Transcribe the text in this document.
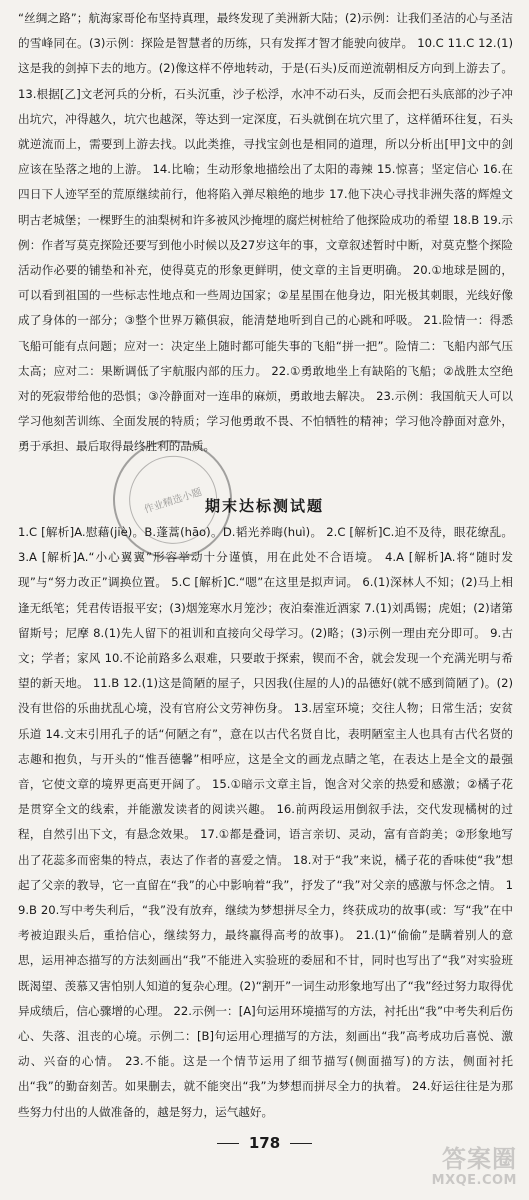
“丝绸之路”；航海家哥伦布坚持真理，最终发现了美洲新大陆；(2)示例：让我们圣洁的心与圣洁的雪峰同在。(3)示例：探险是智慧者的历练，只有发挥才智才能驶向彼岸。 10.C 11.C 12.(1)这是我的剑掉下去的地方。(2)像这样不停地转动，于是(石头)反而逆流朝相反方向到上游去了。 13.根据[乙]文老河兵的分析，石头沉重，沙子松浮，水冲不动石头，反而会把石头底部的沙子冲出坑穴，冲得越久，坑穴也越深，等达到一定深度，石头就倒在坑穴里了，这样循环往复，石头就逆流而上，需要到上游去找。以此类推，寻找宝剑也是相同的道理，所以分析出[甲]文中的剑应该在坠落之地的上游。 14.比喻；生动形象地描绘出了太阳的毒辣 15.惊喜；坚定信心 16.在四日下人迹罕至的荒原继续前行，他将陷入弹尽粮绝的地步 17.他下决心寻找非洲失落的辉煌文明古老城堡；一棵野生的油梨树和许多被风沙掩埋的腐烂树桩给了他探险成功的希望 18.B 19.示例：作者写莫克探险还要写到他小时候以及27岁这年的事，文章叙述暂时中断，对莫克整个探险活动作必要的铺垫和补充，使得莫克的形象更鲜明，使文章的主旨更明确。 20.①地球是圆的，可以看到祖国的一些标志性地点和一些周边国家；②星星围在他身边，阳光极其刺眼，光线好像成了身体的一部分；③整个世界万籁俱寂，能清楚地听到自己的心跳和呼吸。 21.险情一：得悉飞船可能有点问题；应对一：决定坐上随时都可能失事的飞船“拼一把”。险情二：飞船内部气压太高；应对二：果断调低了宇航服内部的压力。 22.①勇敢地坐上有缺陷的飞船；②战胜太空绝对的死寂带给他的恐惧；③冷静面对一连串的麻烦，勇敢地去解决。 23.示例：我国航天人可以学习他刻苦训练、全面发展的特质；学习他勇敢不畏、不怕牺牲的精神；学习他冷静面对意外，勇于承担、最后取得最终胜利的品质。
作业精选小题 期末达标测试题
1.C [解析]A.慰藉(jiè)。B.蓬蒿(hāo)。D.韬光养晦(huì)。 2.C [解析]C.迫不及待，眼花缭乱。 3.A [解析]A.“小心翼翼”形容举动十分谨慎，用在此处不合语境。 4.A [解析]A.将“随时发现”与“努力改正”调换位置。 5.C [解析]C.“嗯”在这里是拟声词。 6.(1)深林人不知；(2)马上相逢无纸笔；凭君传语报平安；(3)烟笼寒水月笼沙；夜泊秦淮近酒家 7.(1)刘禹锡；虎姐；(2)诸第留斯号；尼摩 8.(1)先人留下的祖训和直接向父母学习。(2)略；(3)示例一理由充分即可。 9.古文；学者；家风 10.不论前路多么艰难，只要敢于探索，锲而不舍，就会发现一个充满光明与希望的新天地。 11.B 12.(1)这是简陋的屋子，只因我(住屋的人)的品德好(就不感到简陋了)。(2)没有世俗的乐曲扰乱心境，没有官府公文劳神伤身。 13.居室环境；交往人物；日常生活；安贫乐道 14.文末引用孔子的话“何陋之有”，意在以古代名贤自比，表明陋室主人也具有古代名贤的志趣和抱负，与开头的“惟吾德馨”相呼应，这是全文的画龙点睛之笔，在表达上是全文的最强音，它使文章的境界更高更开阔了。 15.①暗示文章主旨，饱含对父亲的热爱和感激；②橘子花是贯穿全文的线索，并能激发读者的阅读兴趣。 16.前两段运用倒叙手法，交代发现橘树的过程，自然引出下文，有悬念效果。 17.①都是叠词，语言亲切、灵动，富有音韵美；②形象地写出了花蕊多而密集的特点，表达了作者的喜爱之情。 18.对于“我”来说，橘子花的香味使“我”想起了父亲的教导，它一直留在“我”的心中影响着“我”，抒发了“我”对父亲的感激与怀念之情。 19.B 20.写中考失利后，“我”没有放弃，继续为梦想拼尽全力，终获成功的故事(或：写“我”在中考被迫跟头后，重拾信心，继续努力，最终赢得高考的故事)。 21.(1)“偷偷”是瞒着别人的意思，运用神态描写的方法刻画出“我”不能进入实验班的委屈和不甘，同时也写出了“我”对实验班既渴望、羡慕又害怕别人知道的复杂心理。(2)“割开”一词生动形象地写出了“我”经过努力取得优异成绩后，信心骤增的心理。 22.示例一：[A]句运用环境描写的方法，衬托出“我”中考失利后伤心、失落、沮丧的心境。示例二：[B]句运用心理描写的方法，刻画出“我”高考成功后喜悦、激动、兴奋的心情。 23.不能。这是一个情节运用了细节描写(侧面描写)的方法，侧面衬托出“我”的勤奋刻苦。如果删去，就不能突出“我”为梦想而拼尽全力的执着。 24.好运往往是为那些努力付出的人做准备的，越是努力，运气越好。
178
答案圈
MXQE.COM
